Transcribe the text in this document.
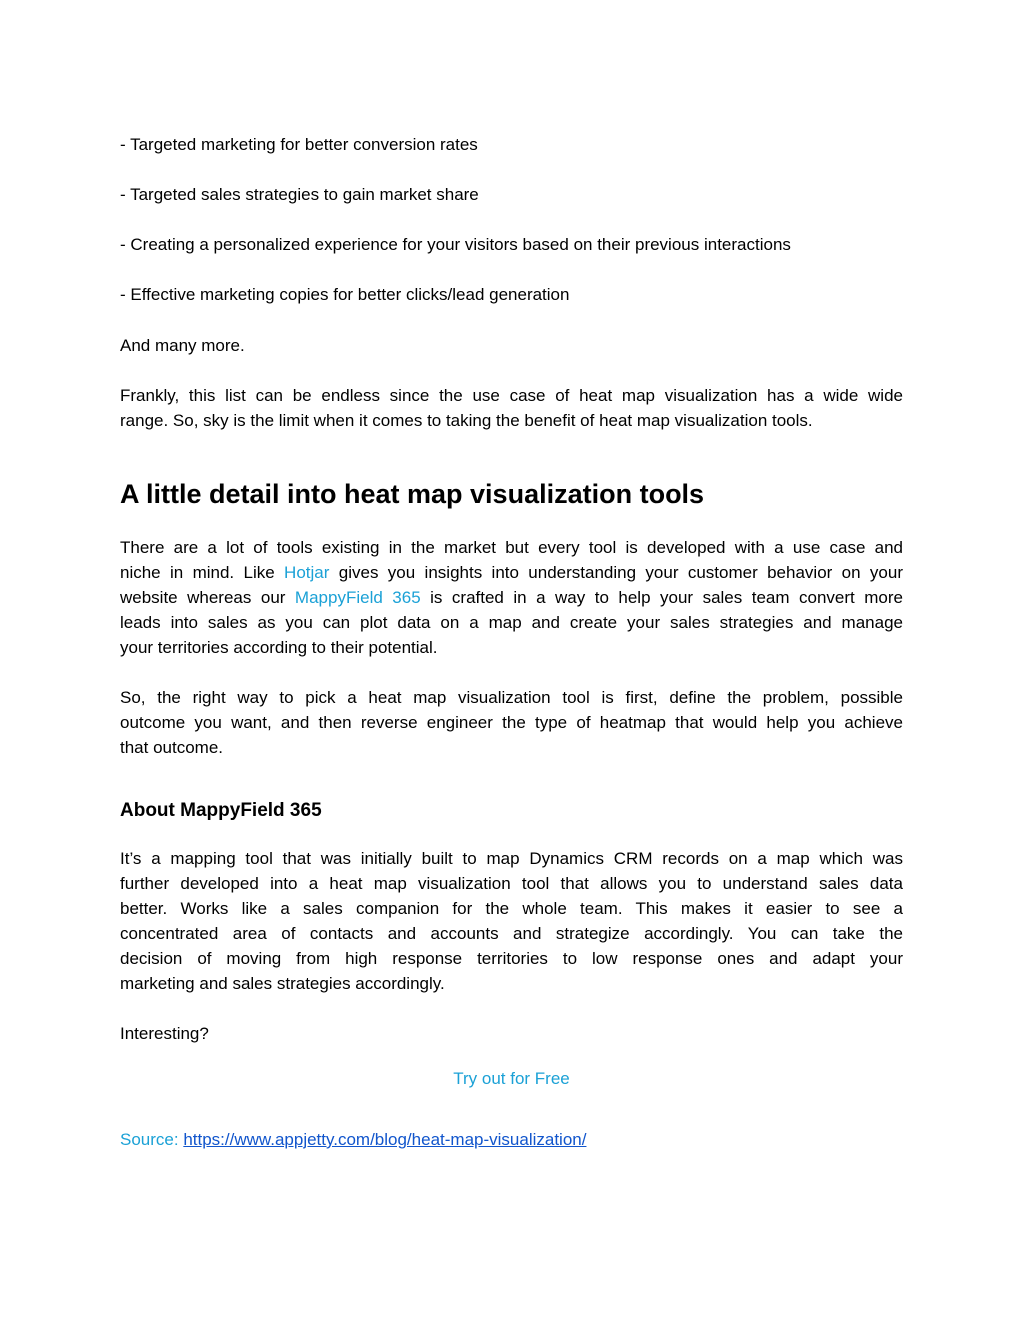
- Targeted marketing for better conversion rates
- Targeted sales strategies to gain market share
- Creating a personalized experience for your visitors based on their previous interactions
- Effective marketing copies for better clicks/lead generation
And many more.
Frankly, this list can be endless since the use case of heat map visualization has a wide wide
range. So, sky is the limit when it comes to taking the benefit of heat map visualization tools.
A little detail into heat map visualization tools
There are a lot of tools existing in the market but every tool is developed with a use case and
niche in mind. Like Hotjar gives you insights into understanding your customer behavior on your
website whereas our MappyField 365 is crafted in a way to help your sales team convert more
leads into sales as you can plot data on a map and create your sales strategies and manage
your territories according to their potential.
So, the right way to pick a heat map visualization tool is first, define the problem, possible
outcome you want, and then reverse engineer the type of heatmap that would help you achieve
that outcome.
About MappyField 365
It’s a mapping tool that was initially built to map Dynamics CRM records on a map which was
further developed into a heat map visualization tool that allows you to understand sales data
better. Works like a sales companion for the whole team. This makes it easier to see a
concentrated area of contacts and accounts and strategize accordingly. You can take the
decision of moving from high response territories to low response ones and adapt your
marketing and sales strategies accordingly.
Interesting?
Try out for Free
Source: https://www.appjetty.com/blog/heat-map-visualization/
